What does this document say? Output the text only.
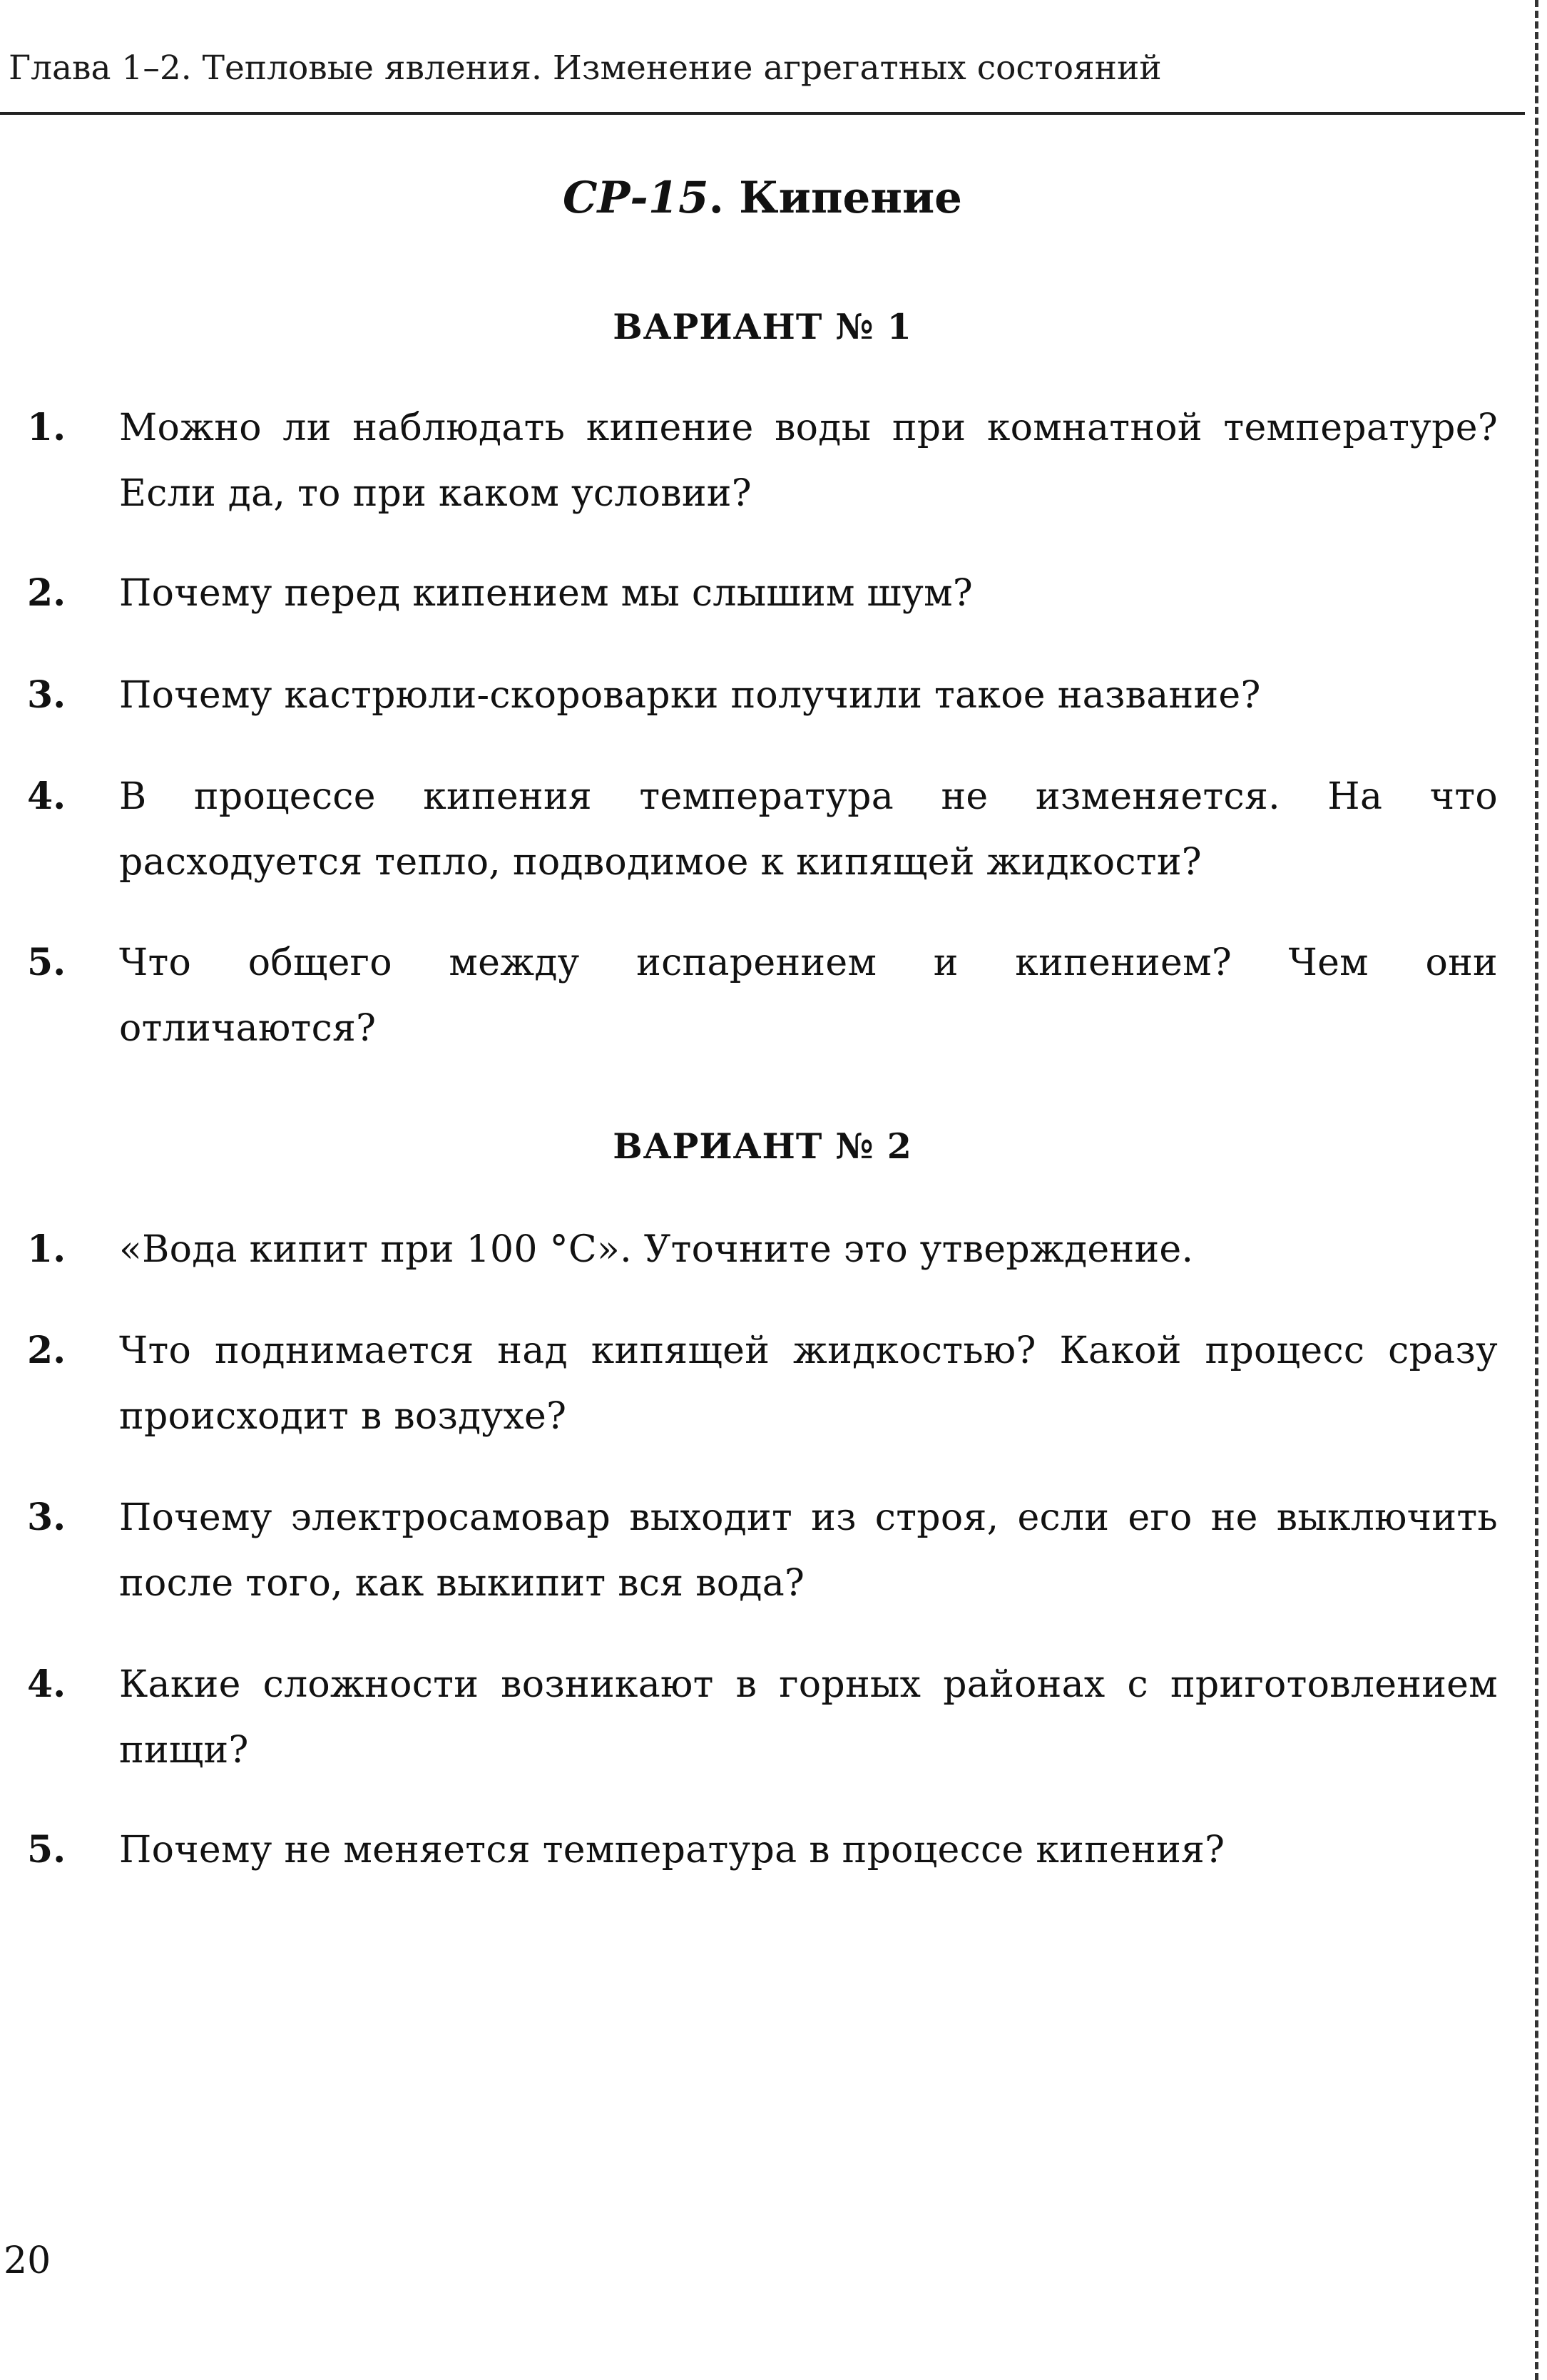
Глава 1–2. Тепловые явления. Изменение агрегатных состояний
СР-15. Кипение
ВАРИАНТ № 1
1. Можно ли наблюдать кипение воды при комнатной температуре? Если да, то при каком условии?
2. Почему перед кипением мы слышим шум?
3. Почему кастрюли-скороварки получили такое название?
4. В процессе кипения температура не изменяется. На что расходуется тепло, подводимое к кипящей жидкости?
5. Что общего между испарением и кипением? Чем они
отличаются?
ВАРИАНТ № 2
1. «Вода кипит при 100 °С». Уточните это утверждение.
2. Что поднимается над кипящей жидкостью? Какой процесс сразу происходит в воздухе?
3. Почему электросамовар выходит из строя, если его не выключить после того, как выкипит вся вода?
4. Какие сложности возникают в горных районах с приготовлением пищи?
5. Почему не меняется температура в процессе кипения?
20
